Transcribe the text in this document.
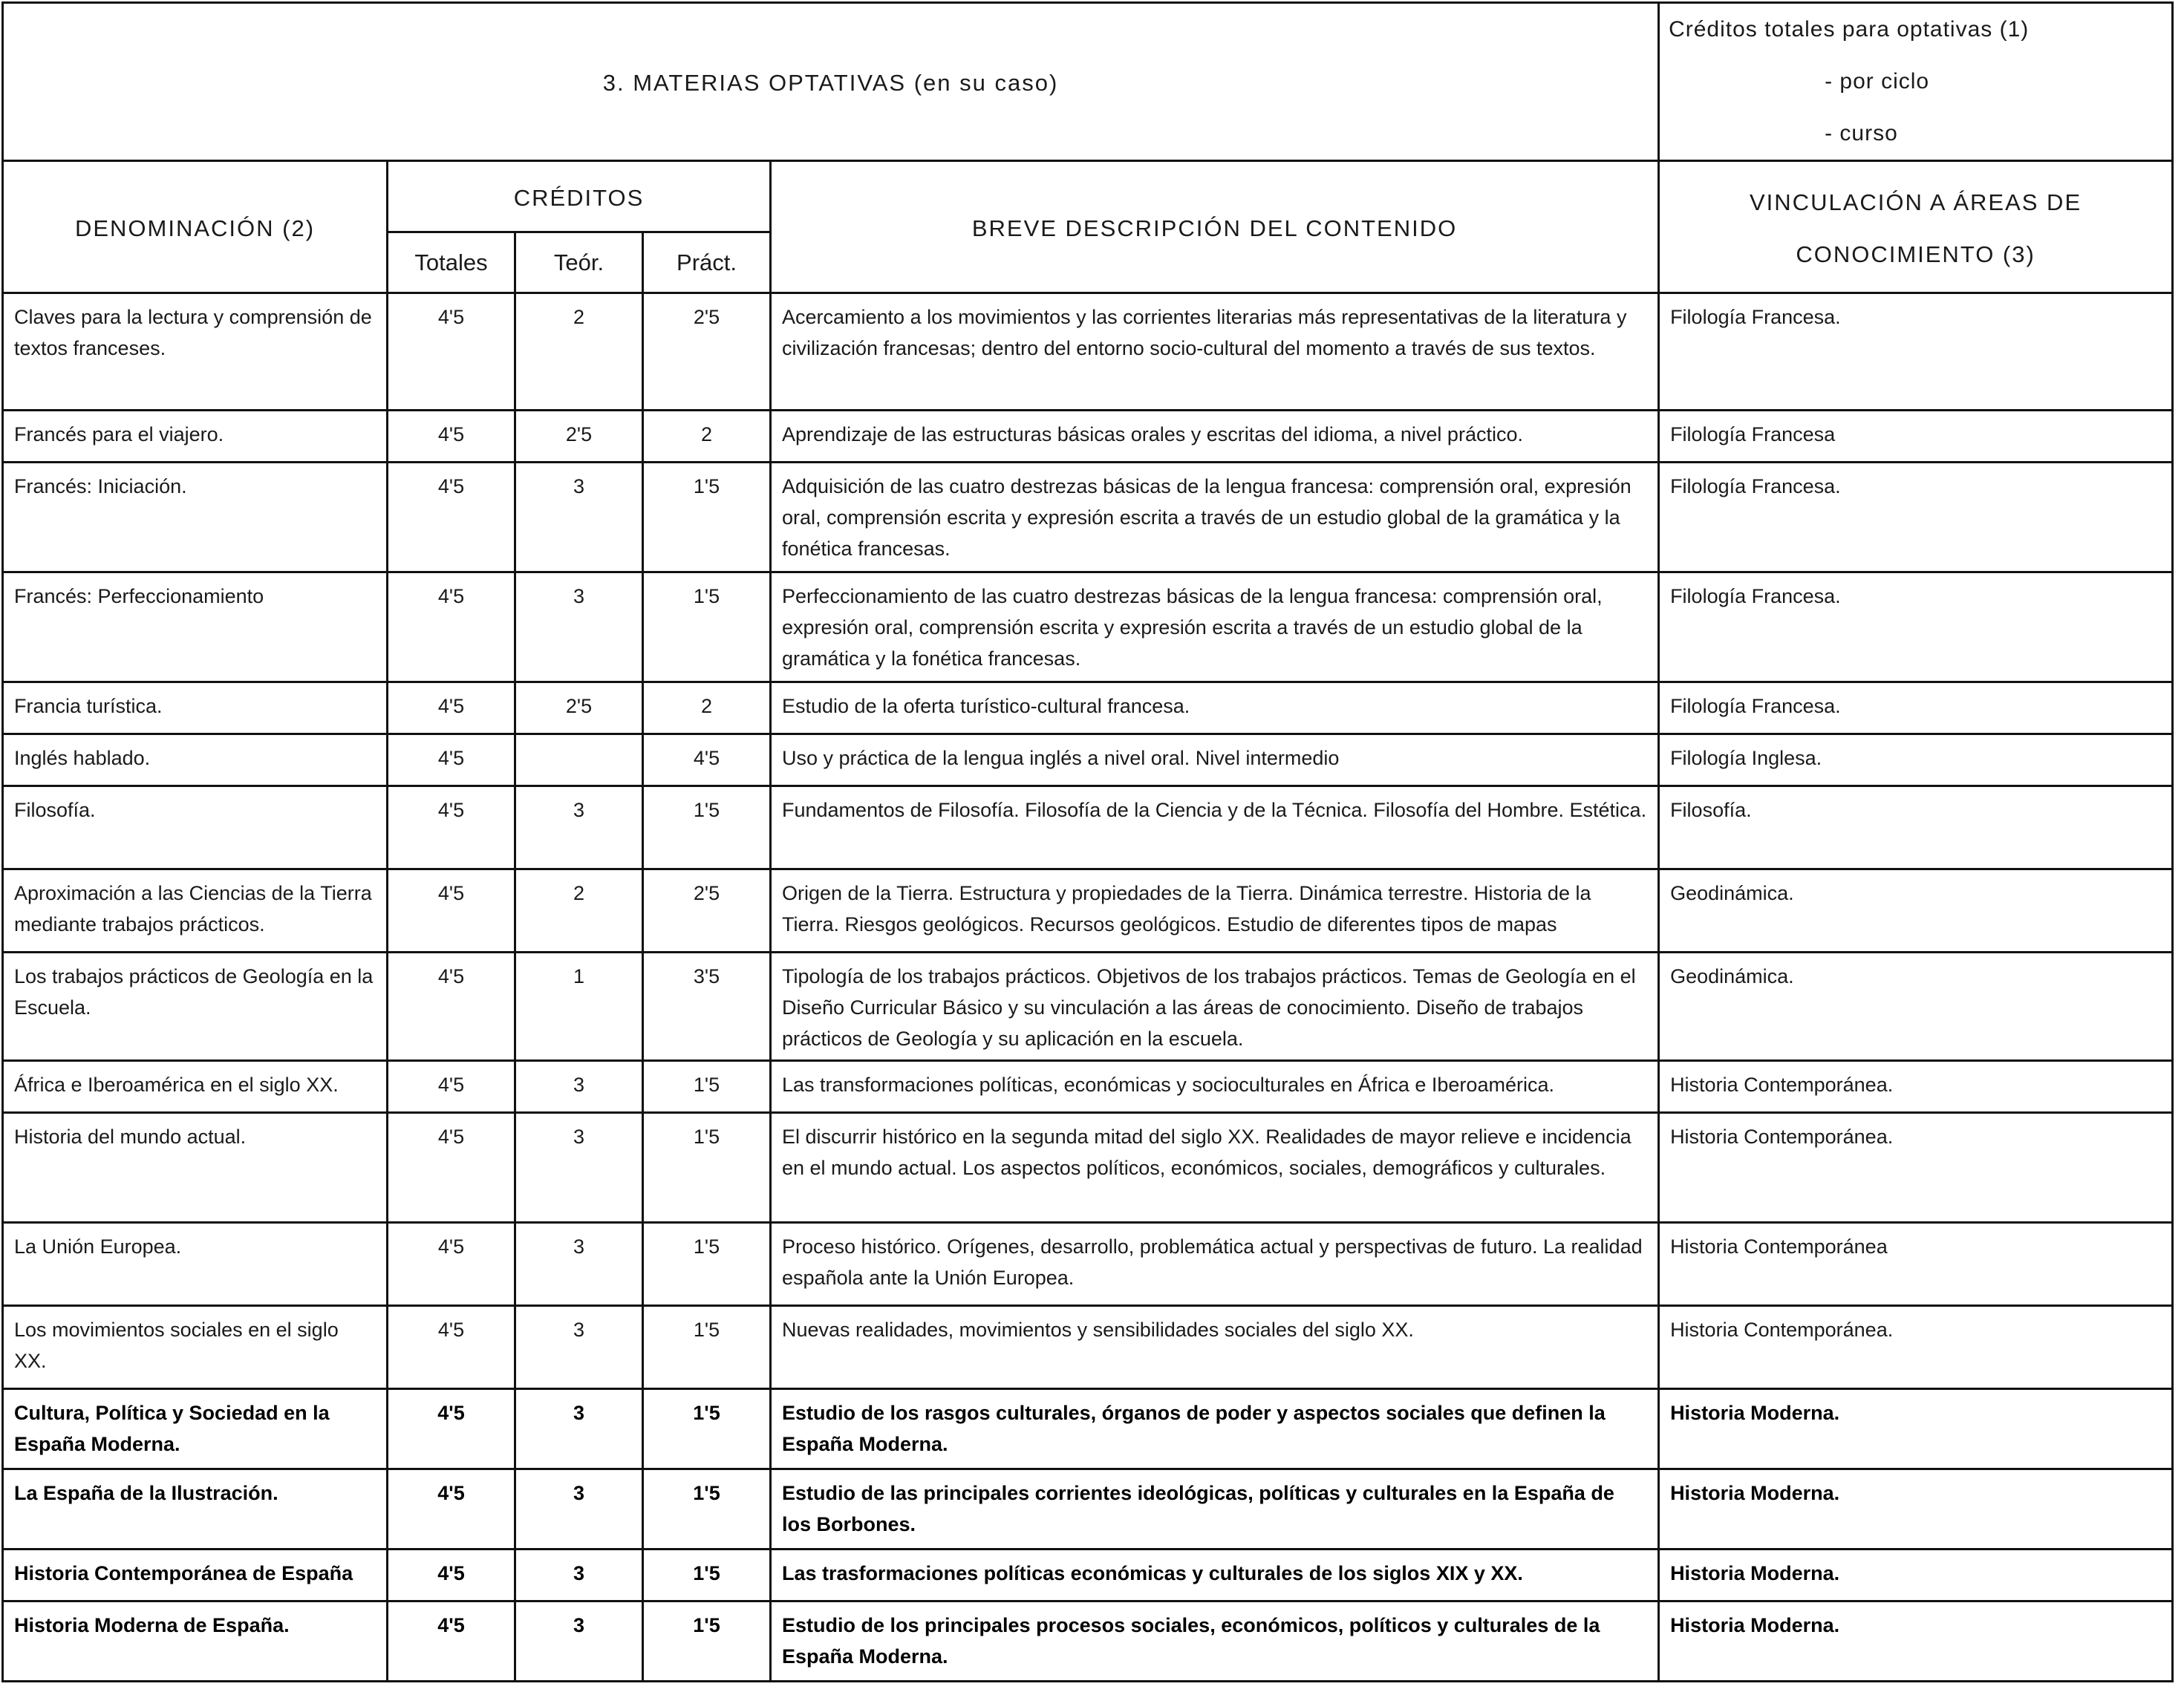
3. MATERIAS OPTATIVAS (en su caso)					Créditos totales para optativas (1)
- por ciclo
- curso

DENOMINACIÓN (2)	CRÉDITOS			BREVE DESCRIPCIÓN DEL CONTENIDO	VINCULACIÓN A ÁREAS DE
CONOCIMIENTO (3)

	Totales	Teór.	Práct.		
Claves para la lectura y comprensión de textos franceses.	4'5	2	2'5	Acercamiento a los movimientos y las corrientes literarias más representativas de la literatura y civilización francesas; dentro del entorno socio-cultural del momento a través de sus textos.	Filología Francesa.
Francés para el viajero.	4'5	2'5	2	Aprendizaje de las estructuras básicas orales y escritas del idioma, a nivel práctico.	Filología Francesa
Francés: Iniciación.	4'5	3	1'5	Adquisición de las cuatro destrezas básicas de la lengua francesa: comprensión oral, expresión oral, comprensión escrita y expresión escrita a través de un estudio global de la gramática y la fonética francesas.	Filología Francesa.
Francés: Perfeccionamiento	4'5	3	1'5	Perfeccionamiento de las cuatro destrezas básicas de la lengua francesa: comprensión oral, expresión oral, comprensión escrita y expresión escrita a través de un estudio global de la gramática y la fonética francesas.	Filología Francesa.
Francia turística.	4'5	2'5	2	Estudio de la oferta turístico-cultural francesa.	Filología Francesa.
Inglés hablado.	4'5		4'5	Uso y práctica de la lengua inglés a nivel oral. Nivel intermedio	Filología Inglesa.
Filosofía.	4'5	3	1'5	Fundamentos de Filosofía. Filosofía de la Ciencia y de la Técnica. Filosofía del Hombre. Estética.	Filosofía.
Aproximación a las Ciencias de la Tierra mediante trabajos prácticos.	4'5	2	2'5	Origen de la Tierra. Estructura y propiedades de la Tierra. Dinámica terrestre. Historia de la Tierra. Riesgos geológicos. Recursos geológicos. Estudio de diferentes tipos de mapas	Geodinámica.
Los trabajos prácticos de Geología en la Escuela.	4'5	1	3'5	Tipología de los trabajos prácticos. Objetivos de los trabajos prácticos. Temas de Geología en el Diseño Curricular Básico y su vinculación a las áreas de conocimiento. Diseño de trabajos prácticos de Geología y su aplicación en la escuela.	Geodinámica.
África e Iberoamérica en el siglo XX.	4'5	3	1'5	Las transformaciones políticas, económicas y socioculturales en África e Iberoamérica.	Historia Contemporánea.
Historia del mundo actual.	4'5	3	1'5	El discurrir histórico en la segunda mitad del siglo XX. Realidades de mayor relieve e incidencia en el mundo actual. Los aspectos políticos, económicos, sociales, demográficos y culturales.	Historia Contemporánea.
La Unión Europea.	4'5	3	1'5	Proceso histórico. Orígenes, desarrollo, problemática actual y perspectivas de futuro. La realidad española ante la Unión Europea.	Historia Contemporánea
Los movimientos sociales en el siglo XX.	4'5	3	1'5	Nuevas realidades, movimientos y sensibilidades sociales del siglo XX.	Historia Contemporánea.
Cultura, Política y Sociedad en la España Moderna.	4'5	3	1'5	Estudio de los rasgos culturales, órganos de poder y aspectos sociales que definen la España Moderna.	Historia Moderna.
La España de la Ilustración.	4'5	3	1'5	Estudio de las principales corrientes ideológicas, políticas y culturales en la España de los Borbones.	Historia Moderna.
Historia Contemporánea de España	4'5	3	1'5	Las trasformaciones políticas económicas y culturales de los siglos XIX y XX.	Historia Moderna.
Historia Moderna de España.	4'5	3	1'5	Estudio de los principales procesos sociales, económicos, políticos y culturales de la España Moderna.	Historia Moderna.
